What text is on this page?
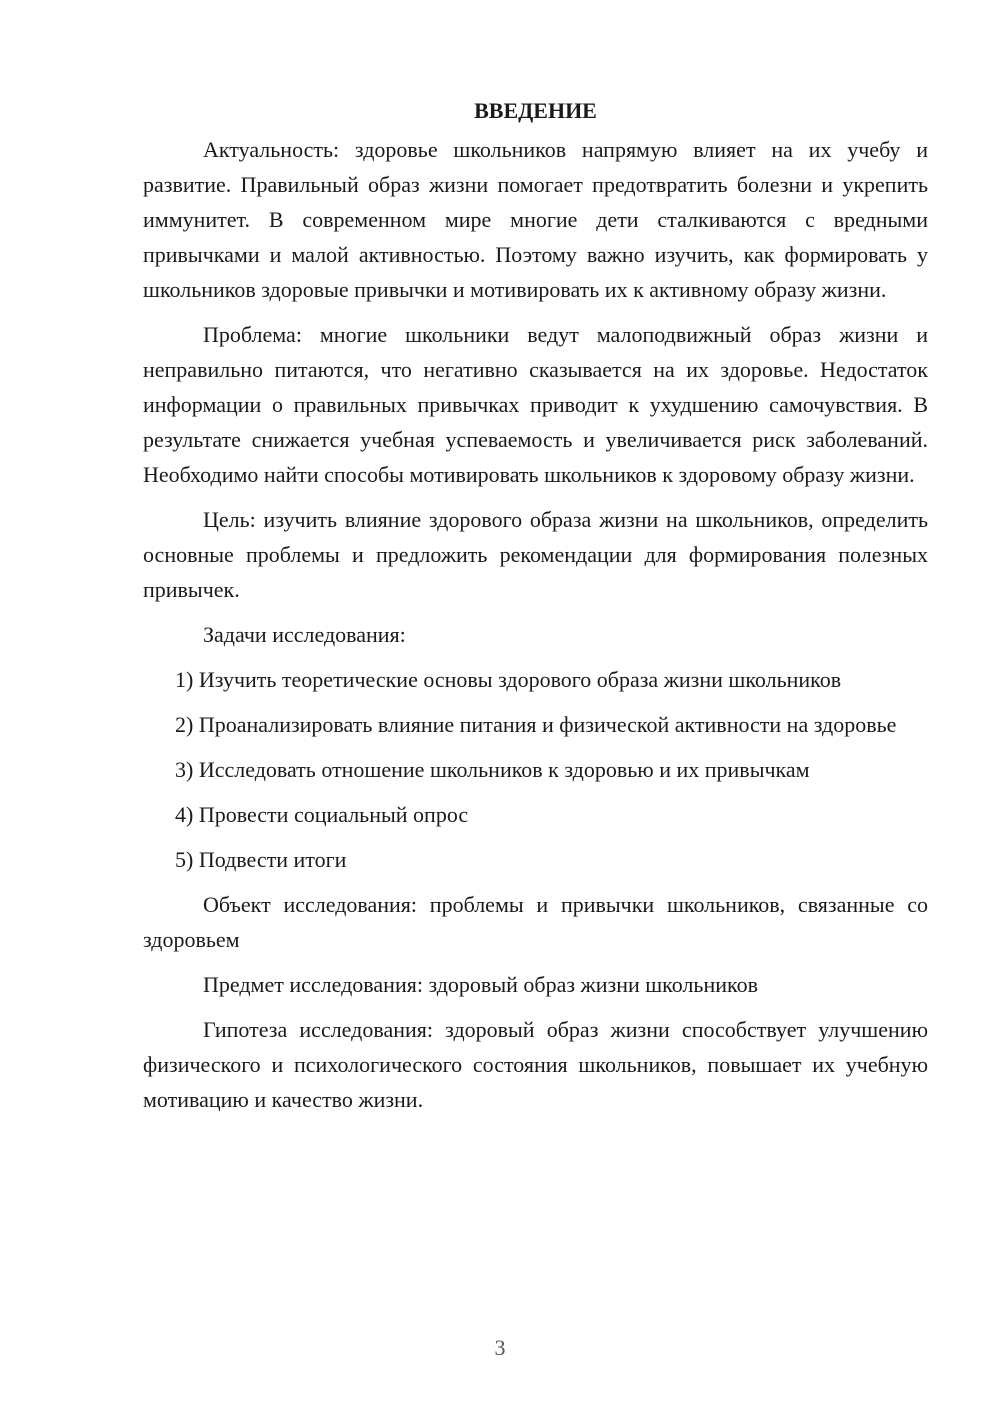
ВВЕДЕНИЕ

Актуальность: здоровье школьников напрямую влияет на их учебу и развитие. Правильный образ жизни помогает предотвратить болезни и укрепить иммунитет. В современном мире многие дети сталкиваются с вредными привычками и малой активностью. Поэтому важно изучить, как формировать у школьников здоровые привычки и мотивировать их к активному образу жизни.

Проблема: многие школьники ведут малоподвижный образ жизни и неправильно питаются, что негативно сказывается на их здоровье. Недостаток информации о правильных привычках приводит к ухудшению самочувствия. В результате снижается учебная успеваемость и увеличивается риск заболеваний. Необходимо найти способы мотивировать школьников к здоровому образу жизни.

Цель: изучить влияние здорового образа жизни на школьников, определить основные проблемы и предложить рекомендации для формирования полезных привычек.

Задачи исследования:

1) Изучить теоретические основы здорового образа жизни школьников

2) Проанализировать влияние питания и физической активности на здоровье

3) Исследовать отношение школьников к здоровью и их привычкам

4) Провести социальный опрос

5) Подвести итоги

Объект исследования: проблемы и привычки школьников, связанные со здоровьем

Предмет исследования: здоровый образ жизни школьников

Гипотеза исследования: здоровый образ жизни способствует улучшению физического и психологического состояния школьников, повышает их учебную мотивацию и качество жизни.

3
